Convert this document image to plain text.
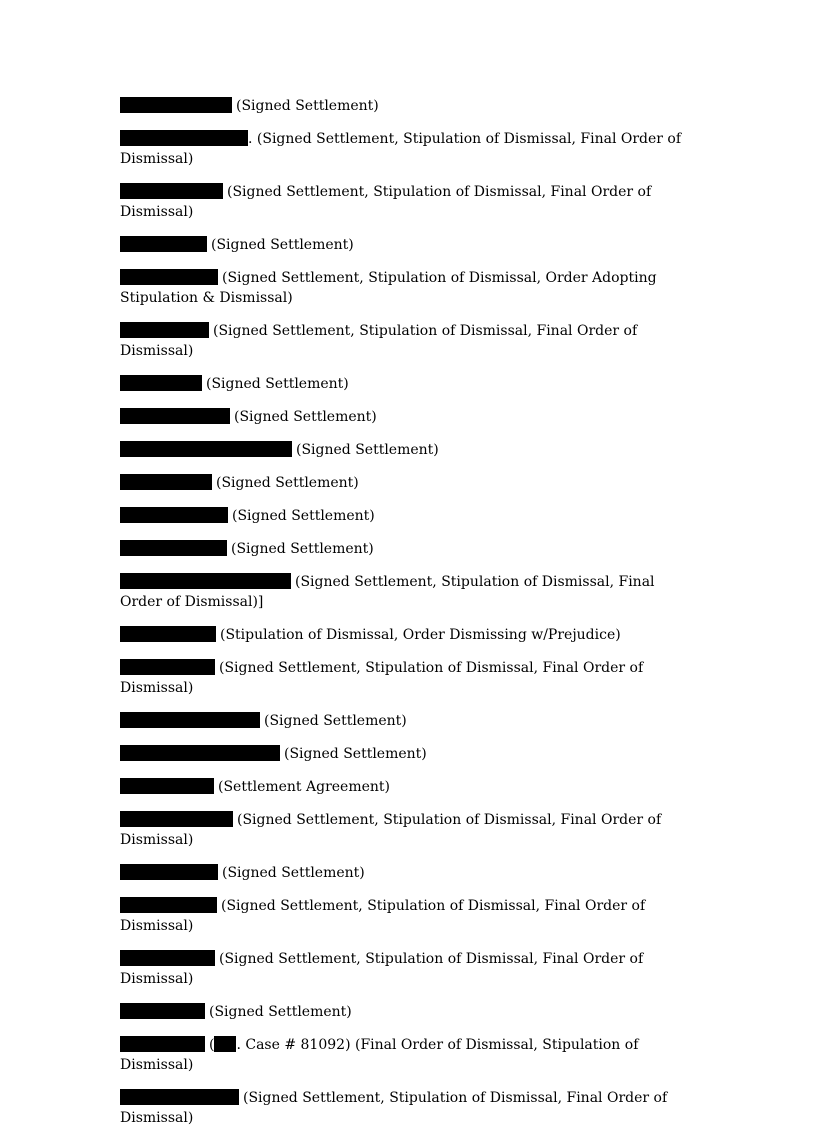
(Signed Settlement)
. (Signed Settlement, Stipulation of Dismissal, Final Order of Dismissal)
(Signed Settlement, Stipulation of Dismissal, Final Order of Dismissal)
(Signed Settlement)
(Signed Settlement, Stipulation of Dismissal, Order Adopting Stipulation & Dismissal)
(Signed Settlement, Stipulation of Dismissal, Final Order of Dismissal)
(Signed Settlement)
(Signed Settlement)
(Signed Settlement)
(Signed Settlement)
(Signed Settlement)
(Signed Settlement)
(Signed Settlement, Stipulation of Dismissal, Final Order of Dismissal)]
(Stipulation of Dismissal, Order Dismissing w/Prejudice)
(Signed Settlement, Stipulation of Dismissal, Final Order of Dismissal)
(Signed Settlement)
(Signed Settlement)
(Settlement Agreement)
(Signed Settlement, Stipulation of Dismissal, Final Order of Dismissal)
(Signed Settlement)
(Signed Settlement, Stipulation of Dismissal, Final Order of Dismissal)
(Signed Settlement, Stipulation of Dismissal, Final Order of Dismissal)
(Signed Settlement)
( . Case # 81092) (Final Order of Dismissal, Stipulation of Dismissal)
(Signed Settlement, Stipulation of Dismissal, Final Order of Dismissal)
